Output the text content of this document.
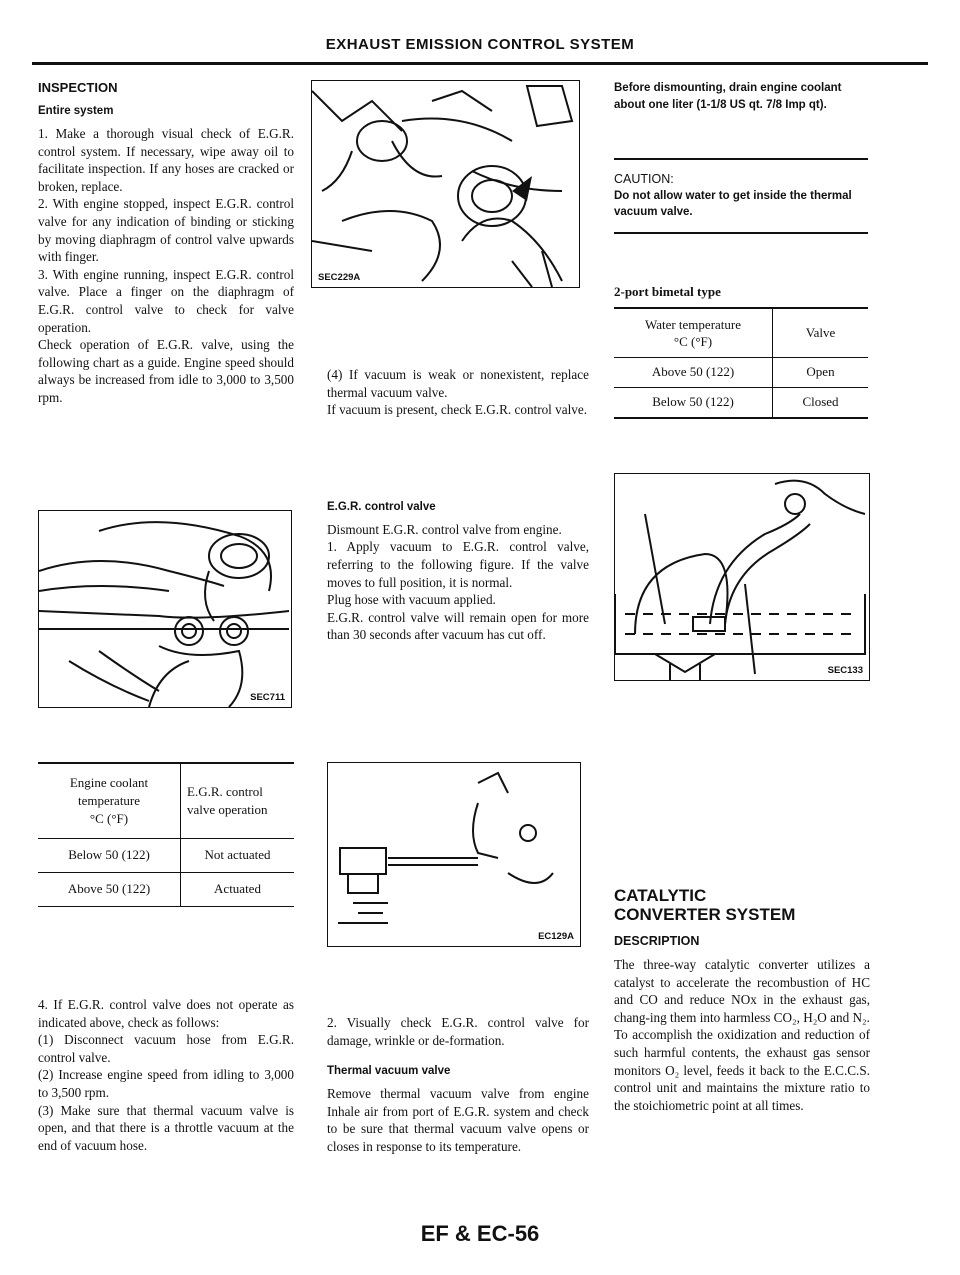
EXHAUST EMISSION CONTROL SYSTEM

INSPECTION

Entire system

1. Make a thorough visual check of E.G.R. control system. If necessary, wipe away oil to facilitate inspection. If any hoses are cracked or broken, replace.

2. With engine stopped, inspect E.G.R. control valve for any indication of binding or sticking by moving diaphragm of control valve upwards with finger.

3. With engine running, inspect E.G.R. control valve. Place a finger on the diaphragm of E.G.R. control valve to check for valve operation.

Check operation of E.G.R. valve, using the following chart as a guide. Engine speed should always be increased from idle to 3,000 to 3,500 rpm.

SEC711
Engine coolant temperature
°C (°F)	E.G.R. control valve operation
Below 50 (122)	Not actuated
Above 50 (122)	Actuated

4. If E.G.R. control valve does not operate as indicated above, check as follows:

(1) Disconnect vacuum hose from E.G.R. control valve.

(2) Increase engine speed from idling to 3,000 to 3,500 rpm.

(3) Make sure that thermal vacuum valve is open, and that there is a throttle vacuum at the end of vacuum hose.

SEC229A

(4) If vacuum is weak or nonexistent, replace thermal vacuum valve.

If vacuum is present, check E.G.R. control valve.

E.G.R. control valve

Dismount E.G.R. control valve from engine.

1. Apply vacuum to E.G.R. control valve, referring to the following figure. If the valve moves to full position, it is normal.

Plug hose with vacuum applied.

E.G.R. control valve will remain open for more than 30 seconds after vacuum has cut off.

EC129A

2. Visually check E.G.R. control valve for damage, wrinkle or de-formation.

Thermal vacuum valve

Remove thermal vacuum valve from engine Inhale air from port of E.G.R. system and check to be sure that thermal vacuum valve opens or closes in response to its temperature.

Before dismounting, drain engine coolant about one liter (1-1/8 US qt. 7/8 Imp qt).

CAUTION:

Do not allow water to get inside the thermal vacuum valve.

2-port bimetal type

Water temperature
°C (°F)	Valve
Above 50 (122)	Open
Below 50 (122)	Closed
SEC133

CATALYTIC

CONVERTER SYSTEM

DESCRIPTION

The three-way catalytic converter utilizes a catalyst to accelerate the recombustion of HC and CO and reduce NOx in the exhaust gas, chang-ing them into harmless CO₂, H₂O and N₂.

To accomplish the oxidization and reduction of such harmful contents, the exhaust gas sensor monitors O₂ level, feeds it back to the E.C.C.S. control unit and maintains the mixture ratio to the stoichiometric point at all times.

EF & EC-56
